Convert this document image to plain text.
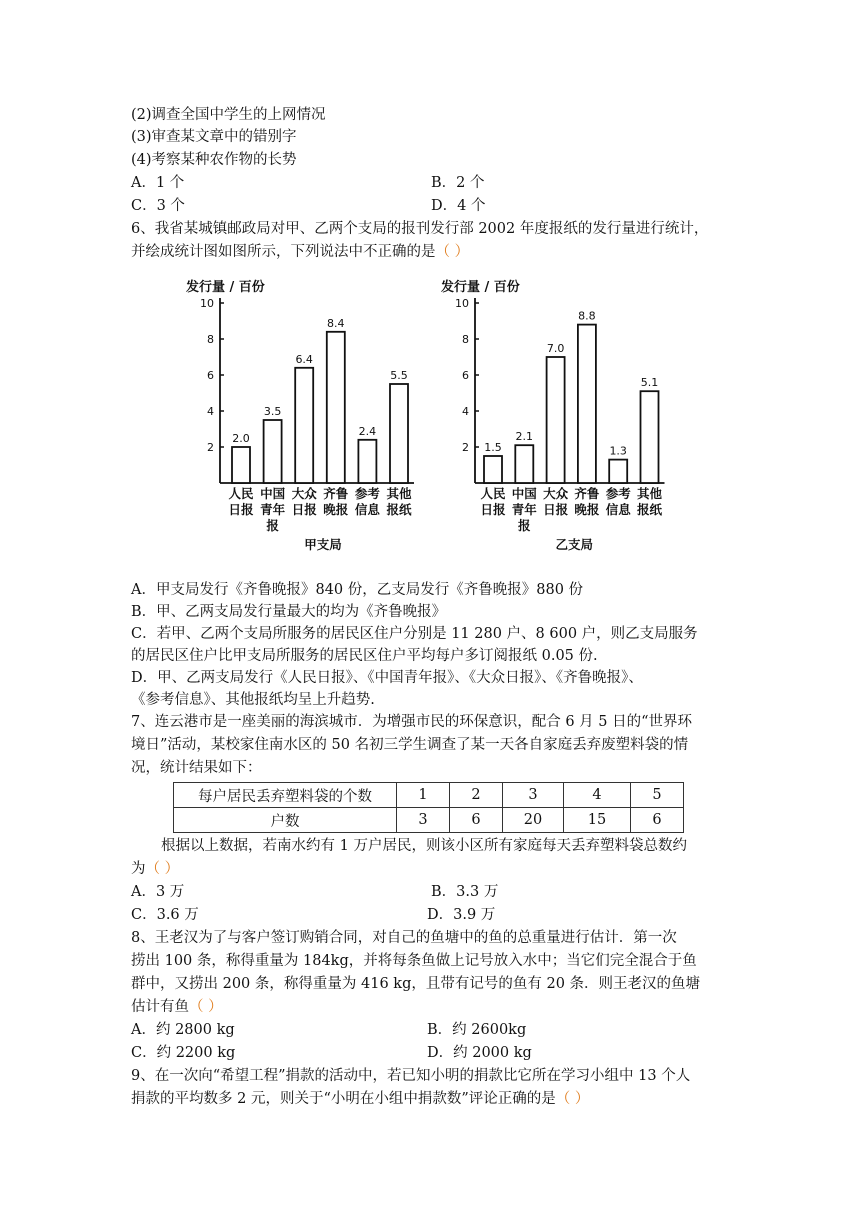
(2)调查全国中学生的上网情况
(3)审查某文章中的错别字
(4)考察某种农作物的长势
A．1 个	B．2 个
C．3 个	D．4 个
6、我省某城镇邮政局对甲、乙两个支局的报刊发行部 2002 年度报纸的发行量进行统计，
并绘成统计图如图所示，下列说法中不正确的是（ ）
发行量 / 百份
2
4
6
8
10
2.0
人民
日报
3.5
中国
青年
报
6.4
大众
日报
8.4
齐鲁
晚报
2.4
参考
信息
5.5
其他
报纸
甲支局
发行量 / 百份
2
4
6
8
10
1.5
人民
日报
2.1
中国
青年
报
7.0
大众
日报
8.8
齐鲁
晚报
1.3
参考
信息
5.1
其他
报纸
乙支局
A．甲支局发行《齐鲁晚报》840 份，乙支局发行《齐鲁晚报》880 份
B．甲、乙两支局发行量最大的均为《齐鲁晚报》
C．若甲、乙两个支局所服务的居民区住户分别是 11 280 户、8 600 户，则乙支局服务
的居民区住户比甲支局所服务的居民区住户平均每户多订阅报纸 0.05 份.
D．甲、乙两支局发行《人民日报》、《中国青年报》、《大众日报》、《齐鲁晚报》、
《参考信息》、其他报纸均呈上升趋势.
7、连云港市是一座美丽的海滨城市．为增强市民的环保意识，配合 6 月 5 日的“世界环
境日”活动，某校家住南水区的 50 名初三学生调查了某一天各自家庭丢弃废塑料袋的情
况，统计结果如下：
每户居民丢弃塑料袋的个数	1	2	3	4	5
户数	3	6	20	15	6
根据以上数据，若南水约有 1 万户居民，则该小区所有家庭每天丢弃塑料袋总数约
为（ ）
A．3 万	B．3.3 万
C．3.6 万	D．3.9 万
8、王老汉为了与客户签订购销合同，对自己的鱼塘中的鱼的总重量进行估计．第一次
捞出 100 条，称得重量为 184kg，并将每条鱼做上记号放入水中；当它们完全混合于鱼
群中，又捞出 200 条，称得重量为 416 kg，且带有记号的鱼有 20 条．则王老汉的鱼塘
估计有鱼（ ）
A．约 2800 kg	B．约 2600kg
C．约 2200 kg	D．约 2000 kg
9、在一次向“希望工程”捐款的活动中，若已知小明的捐款比它所在学习小组中 13 个人
捐款的平均数多 2 元，则关于“小明在小组中捐款数”评论正确的是（ ）
